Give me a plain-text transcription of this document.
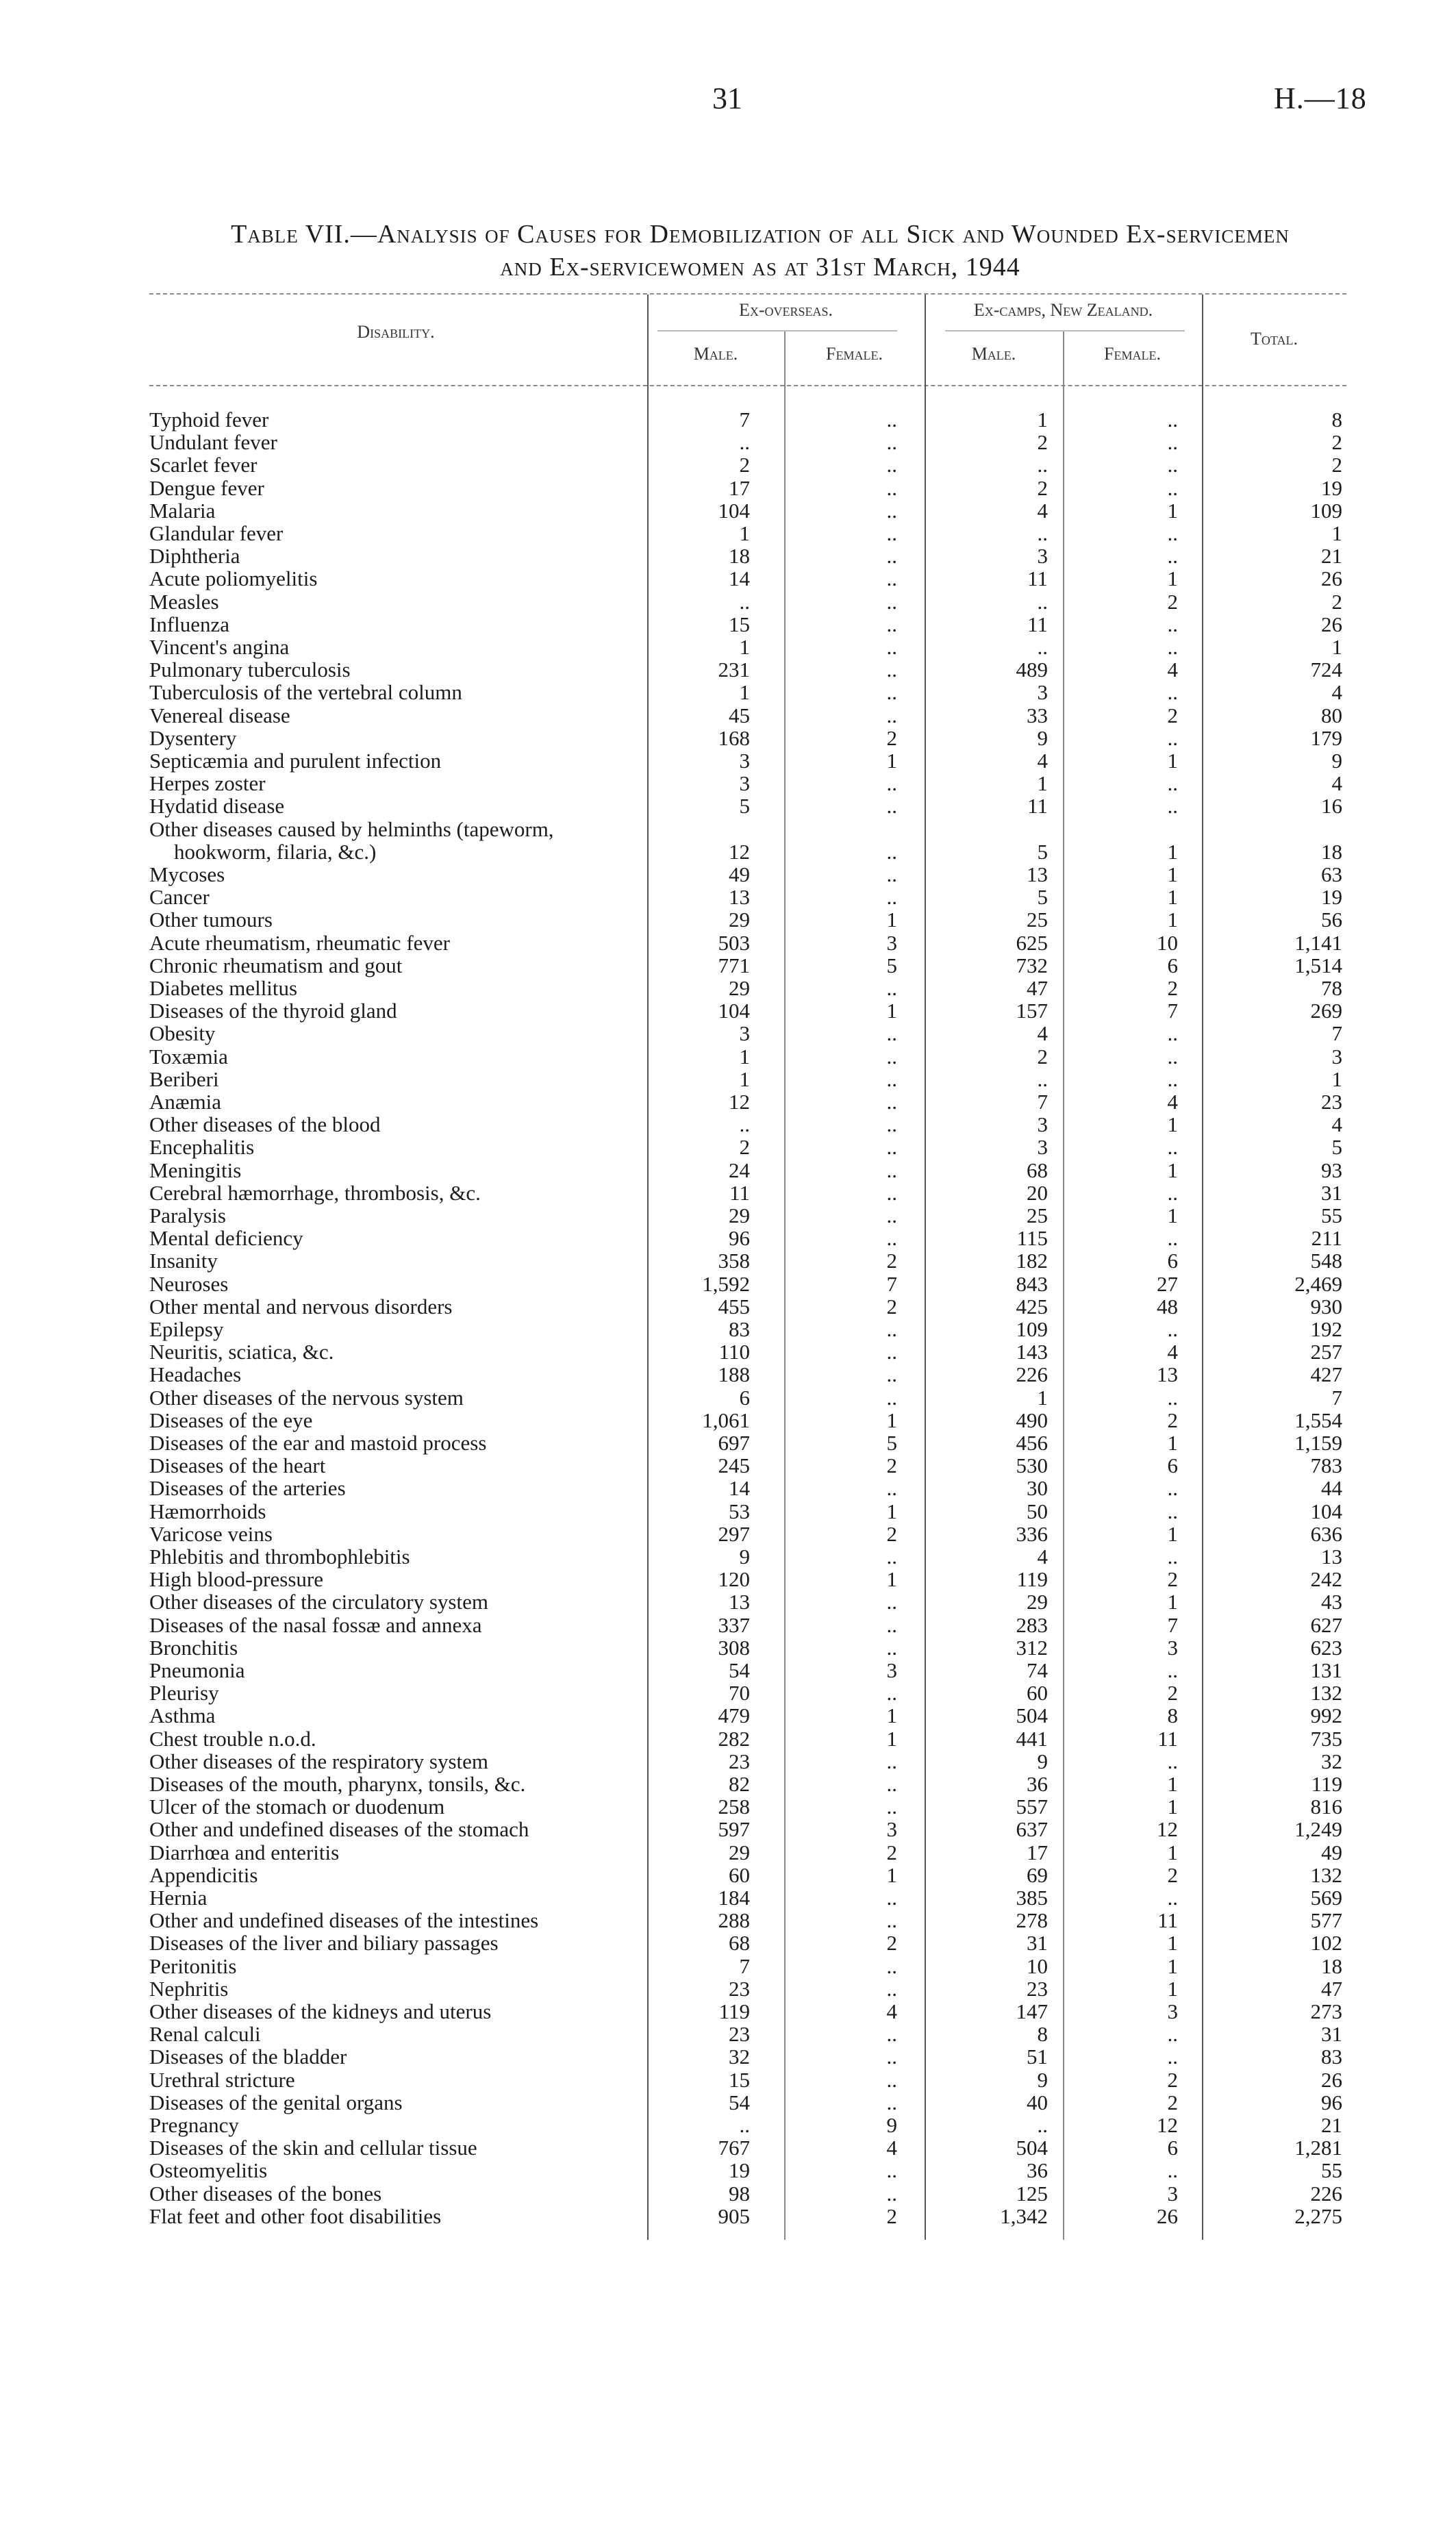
31	H.—18
Table VII.—Analysis of Causes for Demobilization of all Sick and Wounded Ex-servicemen
and Ex-servicewomen as at 31st March, 1944
Disability.
Ex-overseas.	Ex-camps, New Zealand.
Male.	Female.	Male.	Female.
Total.
Typhoid fever	7	..	1	..	8
Undulant fever	..	..	2	..	2
Scarlet fever	2	..	..	..	2
Dengue fever	17	..	2	..	19
Malaria	104	..	4	1	109
Glandular fever	1	..	..	..	1
Diphtheria	18	..	3	..	21
Acute poliomyelitis	14	..	11	1	26
Measles	..	..	..	2	2
Influenza	15	..	11	..	26
Vincent's angina	1	..	..	..	1
Pulmonary tuberculosis	231	..	489	4	724
Tuberculosis of the vertebral column	1	..	3	..	4
Venereal disease	45	..	33	2	80
Dysentery	168	2	9	..	179
Septicæmia and purulent infection	3	1	4	1	9
Herpes zoster	3	..	1	..	4
Hydatid disease	5	..	11	..	16
Other diseases caused by helminths (tapeworm,
hookworm, filaria, &c.)	12	..	5	1	18
Mycoses	49	..	13	1	63
Cancer	13	..	5	1	19
Other tumours	29	1	25	1	56
Acute rheumatism, rheumatic fever	503	3	625	10	1,141
Chronic rheumatism and gout	771	5	732	6	1,514
Diabetes mellitus	29	..	47	2	78
Diseases of the thyroid gland	104	1	157	7	269
Obesity	3	..	4	..	7
Toxæmia	1	..	2	..	3
Beriberi	1	..	..	..	1
Anæmia	12	..	7	4	23
Other diseases of the blood	..	..	3	1	4
Encephalitis	2	..	3	..	5
Meningitis	24	..	68	1	93
Cerebral hæmorrhage, thrombosis, &c.	11	..	20	..	31
Paralysis	29	..	25	1	55
Mental deficiency	96	..	115	..	211
Insanity	358	2	182	6	548
Neuroses	1,592	7	843	27	2,469
Other mental and nervous disorders	455	2	425	48	930
Epilepsy	83	..	109	..	192
Neuritis, sciatica, &c.	110	..	143	4	257
Headaches	188	..	226	13	427
Other diseases of the nervous system	6	..	1	..	7
Diseases of the eye	1,061	1	490	2	1,554
Diseases of the ear and mastoid process	697	5	456	1	1,159
Diseases of the heart	245	2	530	6	783
Diseases of the arteries	14	..	30	..	44
Hæmorrhoids	53	1	50	..	104
Varicose veins	297	2	336	1	636
Phlebitis and thrombophlebitis	9	..	4	..	13
High blood-pressure	120	1	119	2	242
Other diseases of the circulatory system	13	..	29	1	43
Diseases of the nasal fossæ and annexa	337	..	283	7	627
Bronchitis	308	..	312	3	623
Pneumonia	54	3	74	..	131
Pleurisy	70	..	60	2	132
Asthma	479	1	504	8	992
Chest trouble n.o.d.	282	1	441	11	735
Other diseases of the respiratory system	23	..	9	..	32
Diseases of the mouth, pharynx, tonsils, &c.	82	..	36	1	119
Ulcer of the stomach or duodenum	258	..	557	1	816
Other and undefined diseases of the stomach	597	3	637	12	1,249
Diarrhœa and enteritis	29	2	17	1	49
Appendicitis	60	1	69	2	132
Hernia	184	..	385	..	569
Other and undefined diseases of the intestines	288	..	278	11	577
Diseases of the liver and biliary passages	68	2	31	1	102
Peritonitis	7	..	10	1	18
Nephritis	23	..	23	1	47
Other diseases of the kidneys and uterus	119	4	147	3	273
Renal calculi	23	..	8	..	31
Diseases of the bladder	32	..	51	..	83
Urethral stricture	15	..	9	2	26
Diseases of the genital organs	54	..	40	2	96
Pregnancy	..	9	..	12	21
Diseases of the skin and cellular tissue	767	4	504	6	1,281
Osteomyelitis	19	..	36	..	55
Other diseases of the bones	98	..	125	3	226
Flat feet and other foot disabilities	905	2	1,342	26	2,275
